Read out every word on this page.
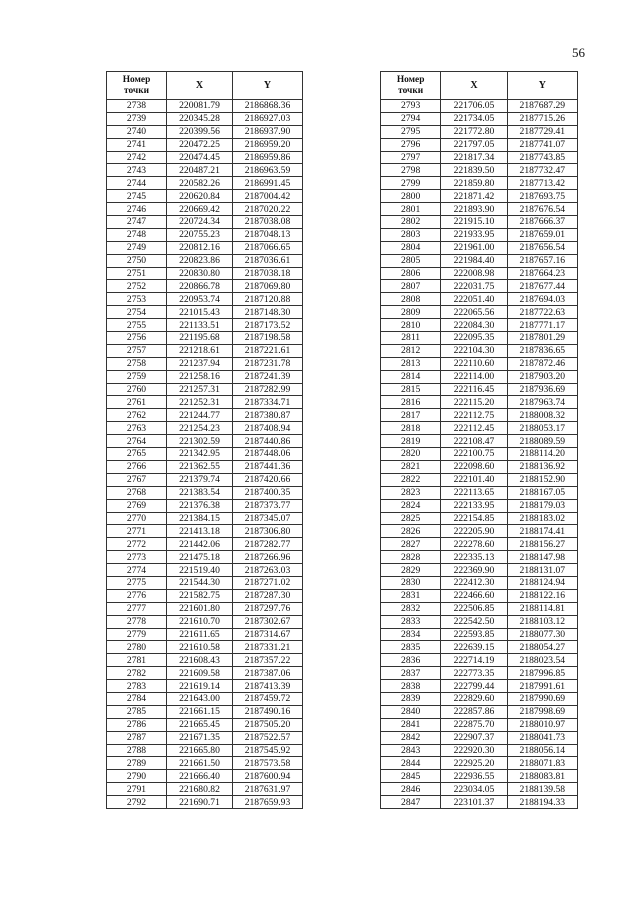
56
Номер
точки	X	Y
2738	220081.79	2186868.36
2739	220345.28	2186927.03
2740	220399.56	2186937.90
2741	220472.25	2186959.20
2742	220474.45	2186959.86
2743	220487.21	2186963.59
2744	220582.26	2186991.45
2745	220620.84	2187004.42
2746	220669.42	2187020.22
2747	220724.34	2187038.08
2748	220755.23	2187048.13
2749	220812.16	2187066.65
2750	220823.86	2187036.61
2751	220830.80	2187038.18
2752	220866.78	2187069.80
2753	220953.74	2187120.88
2754	221015.43	2187148.30
2755	221133.51	2187173.52
2756	221195.68	2187198.58
2757	221218.61	2187221.61
2758	221237.94	2187231.78
2759	221258.16	2187241.39
2760	221257.31	2187282.99
2761	221252.31	2187334.71
2762	221244.77	2187380.87
2763	221254.23	2187408.94
2764	221302.59	2187440.86
2765	221342.95	2187448.06
2766	221362.55	2187441.36
2767	221379.74	2187420.66
2768	221383.54	2187400.35
2769	221376.38	2187373.77
2770	221384.15	2187345.07
2771	221413.18	2187306.80
2772	221442.06	2187282.77
2773	221475.18	2187266.96
2774	221519.40	2187263.03
2775	221544.30	2187271.02
2776	221582.75	2187287.30
2777	221601.80	2187297.76
2778	221610.70	2187302.67
2779	221611.65	2187314.67
2780	221610.58	2187331.21
2781	221608.43	2187357.22
2782	221609.58	2187387.06
2783	221619.14	2187413.39
2784	221643.00	2187459.72
2785	221661.15	2187490.16
2786	221665.45	2187505.20
2787	221671.35	2187522.57
2788	221665.80	2187545.92
2789	221661.50	2187573.58
2790	221666.40	2187600.94
2791	221680.82	2187631.97
2792	221690.71	2187659.93
Номер
точки	X	Y
2793	221706.05	2187687.29
2794	221734.05	2187715.26
2795	221772.80	2187729.41
2796	221797.05	2187741.07
2797	221817.34	2187743.85
2798	221839.50	2187732.47
2799	221859.80	2187713.42
2800	221871.42	2187693.75
2801	221893.90	2187676.54
2802	221915.10	2187666.37
2803	221933.95	2187659.01
2804	221961.00	2187656.54
2805	221984.40	2187657.16
2806	222008.98	2187664.23
2807	222031.75	2187677.44
2808	222051.40	2187694.03
2809	222065.56	2187722.63
2810	222084.30	2187771.17
2811	222095.35	2187801.29
2812	222104.30	2187836.65
2813	222110.60	2187872.46
2814	222114.00	2187903.20
2815	222116.45	2187936.69
2816	222115.20	2187963.74
2817	222112.75	2188008.32
2818	222112.45	2188053.17
2819	222108.47	2188089.59
2820	222100.75	2188114.20
2821	222098.60	2188136.92
2822	222101.40	2188152.90
2823	222113.65	2188167.05
2824	222133.95	2188179.03
2825	222154.85	2188183.02
2826	222205.90	2188174.41
2827	222278.60	2188156.27
2828	222335.13	2188147.98
2829	222369.90	2188131.07
2830	222412.30	2188124.94
2831	222466.60	2188122.16
2832	222506.85	2188114.81
2833	222542.50	2188103.12
2834	222593.85	2188077.30
2835	222639.15	2188054.27
2836	222714.19	2188023.54
2837	222773.35	2187996.85
2838	222799.44	2187991.61
2839	222829.60	2187990.69
2840	222857.86	2187998.69
2841	222875.70	2188010.97
2842	222907.37	2188041.73
2843	222920.30	2188056.14
2844	222925.20	2188071.83
2845	222936.55	2188083.81
2846	223034.05	2188139.58
2847	223101.37	2188194.33
